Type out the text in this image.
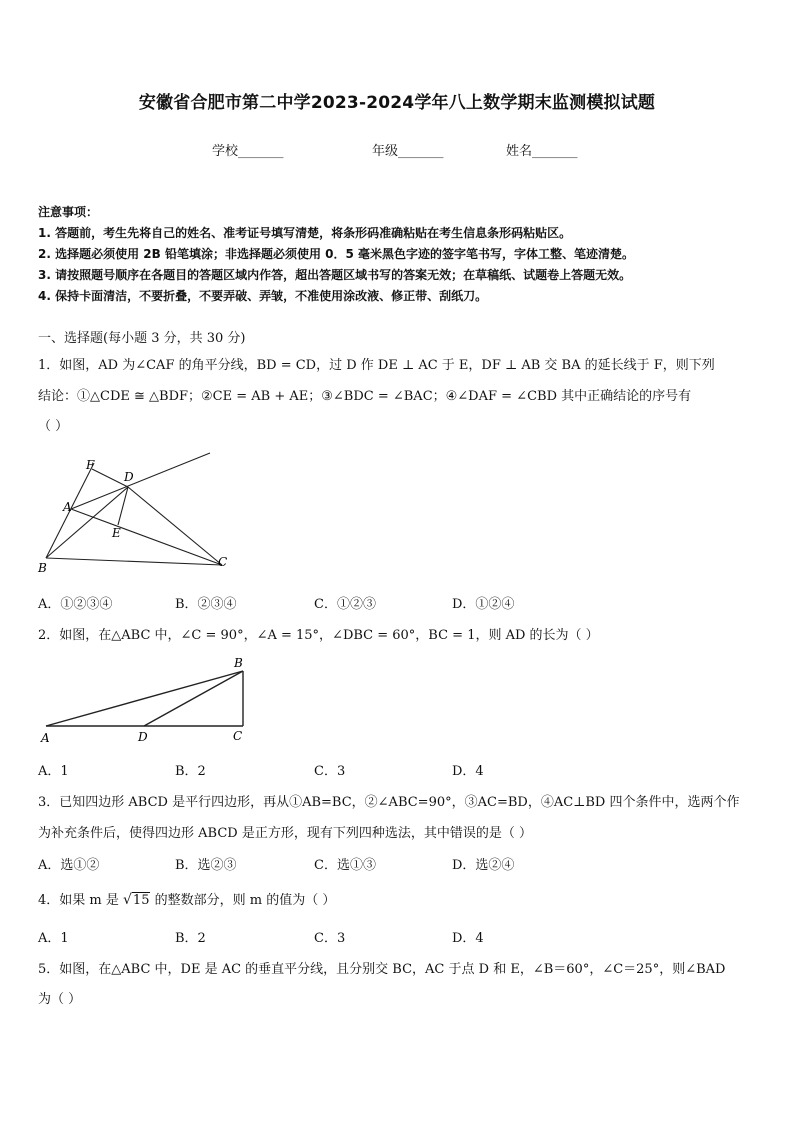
安徽省合肥市第二中学2023-2024学年八上数学期末监测模拟试题
学校_______	年级_______	姓名_______
注意事项：
1. 答题前，考生先将自己的姓名、准考证号填写清楚，将条形码准确粘贴在考生信息条形码粘贴区。
2. 选择题必须使用 2B 铅笔填涂；非选择题必须使用 0．5 毫米黑色字迹的签字笔书写，字体工整、笔迹清楚。
3. 请按照题号顺序在各题目的答题区域内作答，超出答题区域书写的答案无效；在草稿纸、试题卷上答题无效。
4. 保持卡面清洁，不要折叠，不要弄破、弄皱，不准使用涂改液、修正带、刮纸刀。
一、选择题(每小题 3 分，共 30 分)
1．如图，AD 为∠CAF 的角平分线，BD = CD，过 D 作 DE ⊥ AC 于 E，DF ⊥ AB 交 BA 的延长线于 F，则下列
结论：①△CDE ≅ △BDF；②CE = AB + AE；③∠BDC = ∠BAC；④∠DAF = ∠CBD 其中正确结论的序号有
（ ）
F
D
A
E
B	C
A．①②③④	B．②③④	C．①②③	D．①②④
2．如图，在△ABC 中，∠C = 90°，∠A = 15°，∠DBC = 60°，BC = 1，则 AD 的长为（ ）
A
B
C
D
A．1	B．2	C．3	D．4
3．已知四边形 ABCD 是平行四边形，再从①AB=BC，②∠ABC=90°，③AC=BD，④AC⊥BD 四个条件中，选两个作
为补充条件后，使得四边形 ABCD 是正方形，现有下列四种选法，其中错误的是（ ）
A．选①②	B．选②③	C．选①③	D．选②④
4．如果 m 是 √15 的整数部分，则 m 的值为（ ）
A．1	B．2	C．3	D．4
5．如图，在△ABC 中，DE 是 AC 的垂直平分线，且分别交 BC，AC 于点 D 和 E，∠B＝60°，∠C＝25°，则∠BAD
为（ ）
